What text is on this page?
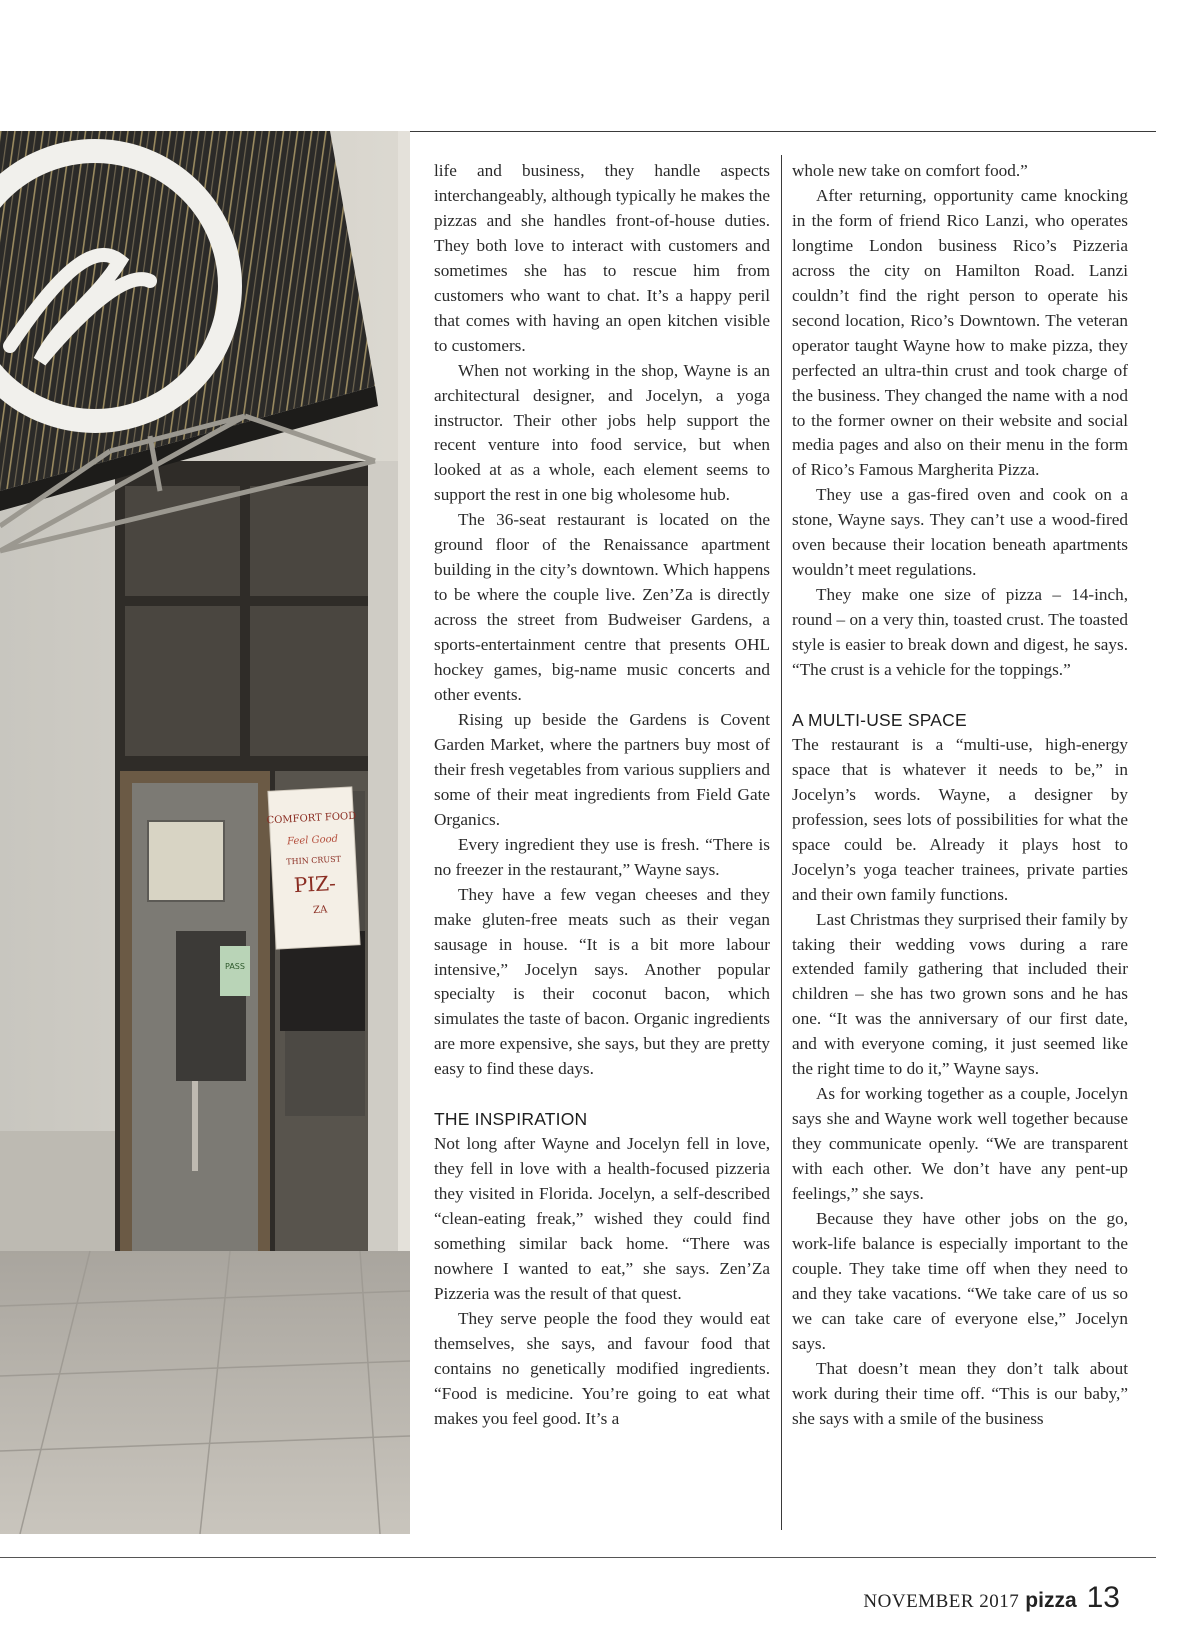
PASS
COMFORT FOOD
Feel Good
THIN CRUST
PIZ-
ZA

life and business, they handle aspects interchangeably, although typically he makes the pizzas and she handles front-of-house duties. They both love to interact with customers and sometimes she has to rescue him from customers who want to chat. It’s a happy peril that comes with having an open kitchen visible to customers.

When not working in the shop, Wayne is an architectural designer, and Jocelyn, a yoga instructor. Their other jobs help support the recent venture into food service, but when looked at as a whole, each element seems to support the rest in one big wholesome hub.

The 36-seat restaurant is located on the ground floor of the Renaissance apartment building in the city’s downtown. Which happens to be where the couple live. Zen’Za is directly across the street from Budweiser Gardens, a sports-entertainment centre that presents OHL hockey games, big-name music concerts and other events.

Rising up beside the Gardens is Covent Garden Market, where the partners buy most of their fresh vegetables from various suppliers and some of their meat ingredients from Field Gate Organics.

Every ingredient they use is fresh. “There is no freezer in the restaurant,” Wayne says.

They have a few vegan cheeses and they make gluten-free meats such as their vegan sausage in house. “It is a bit more labour intensive,” Jocelyn says. Another popular specialty is their coconut bacon, which simulates the taste of bacon. Organic ingredients are more expensive, she says, but they are pretty easy to find these days.

THE INSPIRATION

Not long after Wayne and Jocelyn fell in love, they fell in love with a health-focused pizzeria they visited in Florida. Jocelyn, a self-described “clean-eating freak,” wished they could find something similar back home. “There was nowhere I wanted to eat,” she says. Zen’Za Pizzeria was the result of that quest.

They serve people the food they would eat themselves, she says, and favour food that contains no genetically modified ingredients. “Food is medicine. You’re going to eat what makes you feel good. It’s a

whole new take on comfort food.”

After returning, opportunity came knocking in the form of friend Rico Lanzi, who operates longtime London business Rico’s Pizzeria across the city on Hamilton Road. Lanzi couldn’t find the right person to operate his second location, Rico’s Downtown. The veteran operator taught Wayne how to make pizza, they perfected an ultra-thin crust and took charge of the business. They changed the name with a nod to the former owner on their website and social media pages and also on their menu in the form of Rico’s Famous Margherita Pizza.

They use a gas-fired oven and cook on a stone, Wayne says. They can’t use a wood-fired oven because their location beneath apartments wouldn’t meet regulations.

They make one size of pizza – 14-inch, round – on a very thin, toasted crust. The toasted style is easier to break down and digest, he says. “The crust is a vehicle for the toppings.”

A MULTI-USE SPACE

The restaurant is a “multi-use, high-energy space that is whatever it needs to be,” in Jocelyn’s words. Wayne, a designer by profession, sees lots of possibilities for what the space could be. Already it plays host to Jocelyn’s yoga teacher trainees, private parties and their own family functions.

Last Christmas they surprised their family by taking their wedding vows during a rare extended family gathering that included their children – she has two grown sons and he has one. “It was the anniversary of our first date, and with everyone coming, it just seemed like the right time to do it,” Wayne says.

As for working together as a couple, Jocelyn says she and Wayne work well together because they communicate openly. “We are transparent with each other. We don’t have any pent-up feelings,” she says.

Because they have other jobs on the go, work-life balance is especially important to the couple. They take time off when they need to and they take vacations. “We take care of us so we can take care of everyone else,” Jocelyn says.

That doesn’t mean they don’t talk about work during their time off. “This is our baby,” she says with a smile of the business

NOVEMBER 2017 pizza 13
